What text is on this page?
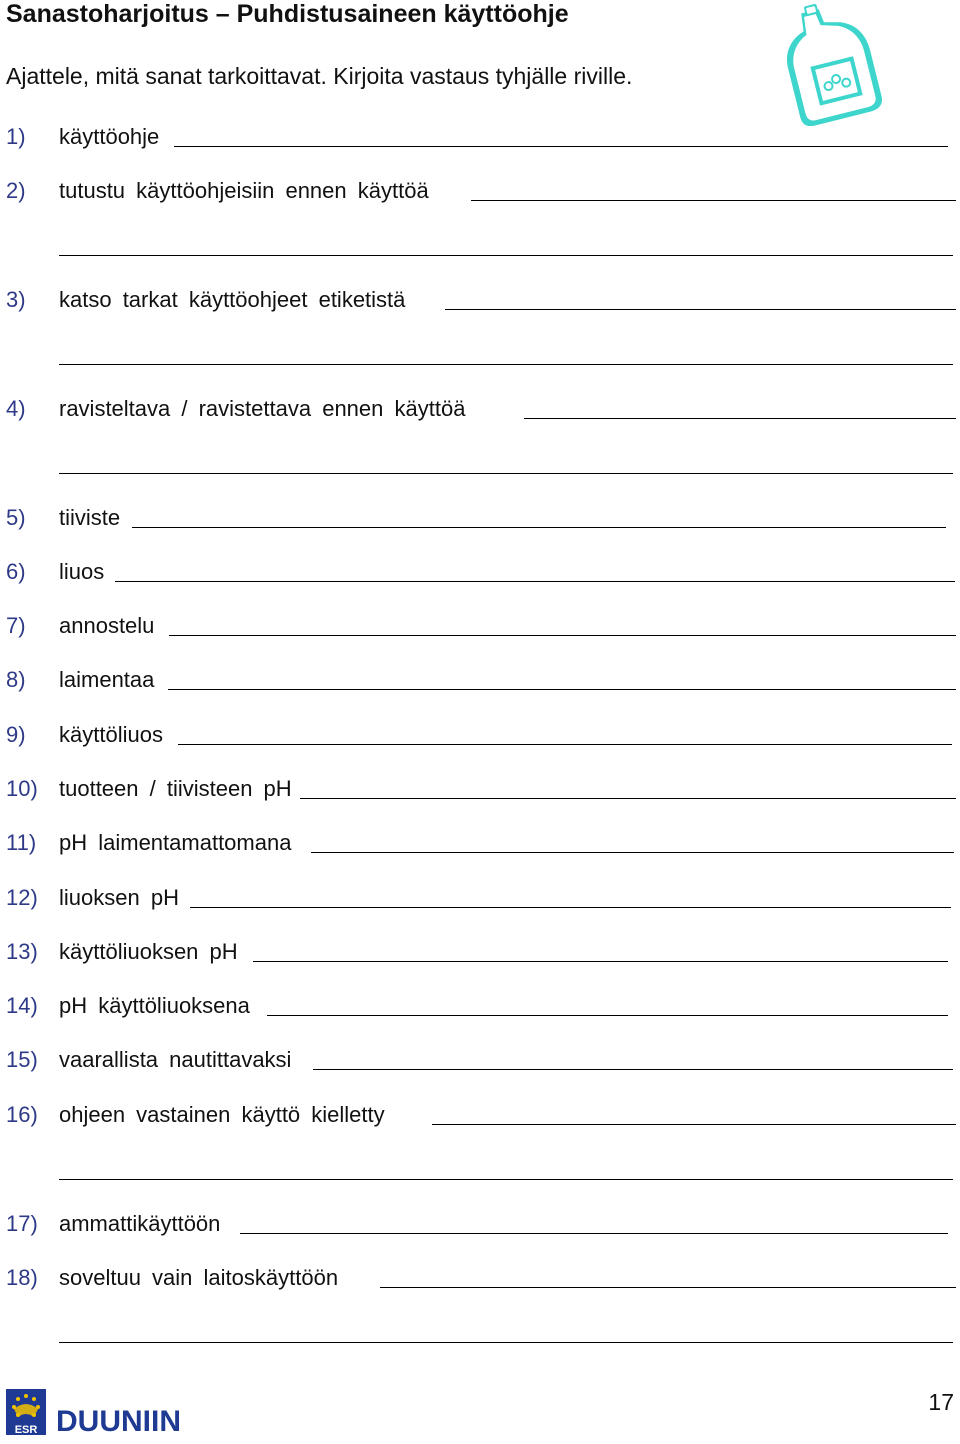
Sanastoharjoitus – Puhdistusaineen käyttöohje
Ajattele, mitä sanat tarkoittavat. Kirjoita vastaus tyhjälle riville.
1) käyttöohje
2) tutustu käyttöohjeisiin ennen käyttöä
3) katso tarkat käyttöohjeet etiketistä
4) ravisteltava / ravistettava ennen käyttöä
5) tiiviste
6) liuos
7) annostelu
8) laimentaa
9) käyttöliuos
10) tuotteen / tiivisteen pH
11) pH laimentamattomana
12) liuoksen pH
13) käyttöliuoksen pH
14) pH käyttöliuoksena
15) vaarallista nautittavaksi
16) ohjeen vastainen käyttö kielletty
17) ammattikäyttöön
18) soveltuu vain laitoskäyttöön
ESR DUUNIIN
17
